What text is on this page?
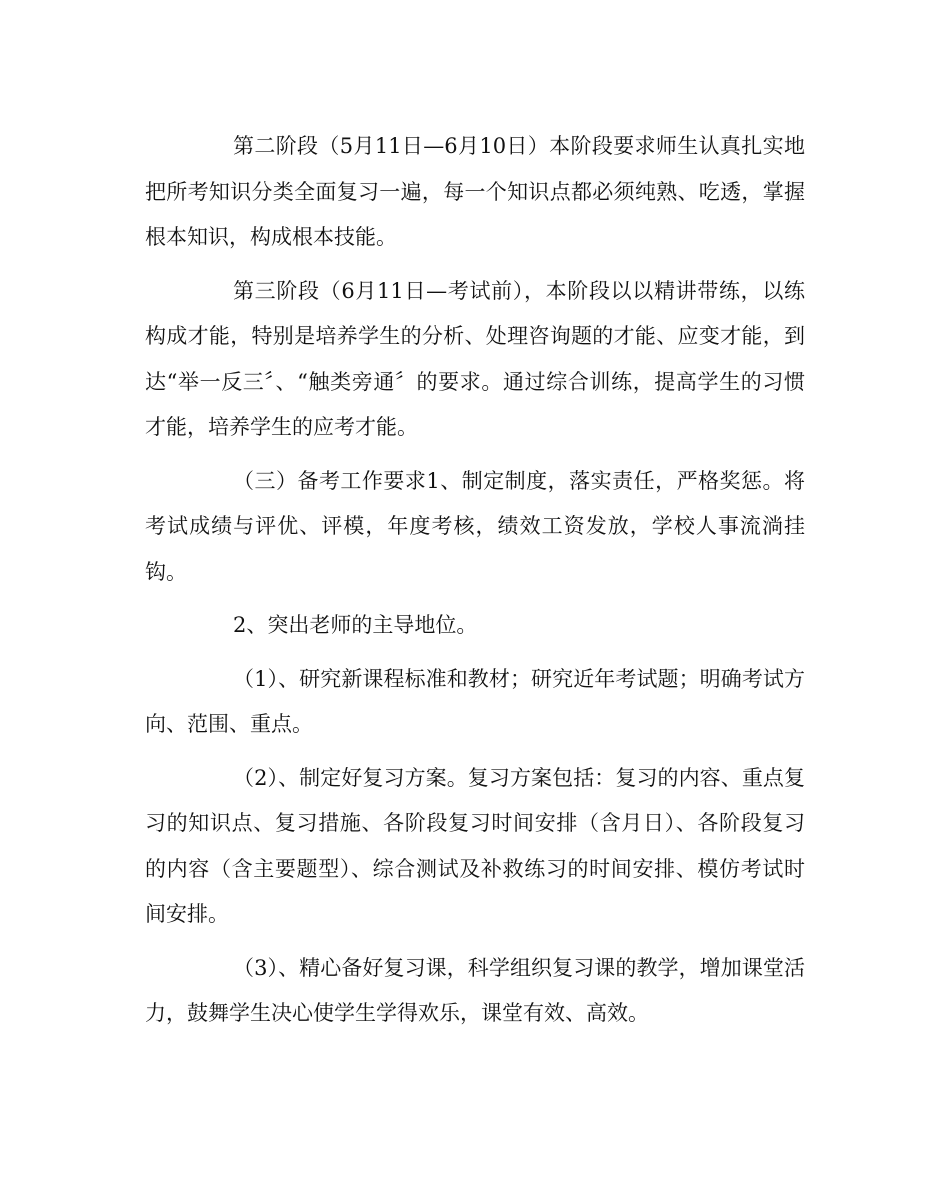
第二阶段（5月11日—6月10日）本阶段要求师生认真扎实地把所考知识分类全面复习一遍，每一个知识点都必须纯熟、吃透，掌握根本知识，构成根本技能。

第三阶段（6月11日—考试前），本阶段以以精讲带练，以练构成才能，特别是培养学生的分析、处理咨询题的才能、应变才能，到达“举一反三〞、“触类旁通〞的要求。通过综合训练，提高学生的习惯才能，培养学生的应考才能。

（三）备考工作要求1、制定制度，落实责任，严格奖惩。将考试成绩与评优、评模，年度考核，绩效工资发放，学校人事流淌挂钩。

2、突出老师的主导地位。

（1）、研究新课程标准和教材；研究近年考试题；明确考试方向、范围、重点。

（2）、制定好复习方案。复习方案包括：复习的内容、重点复习的知识点、复习措施、各阶段复习时间安排（含月日）、各阶段复习的内容（含主要题型）、综合测试及补救练习的时间安排、模仿考试时间安排。

（3）、精心备好复习课，科学组织复习课的教学，增加课堂活力，鼓舞学生决心使学生学得欢乐，课堂有效、高效。
